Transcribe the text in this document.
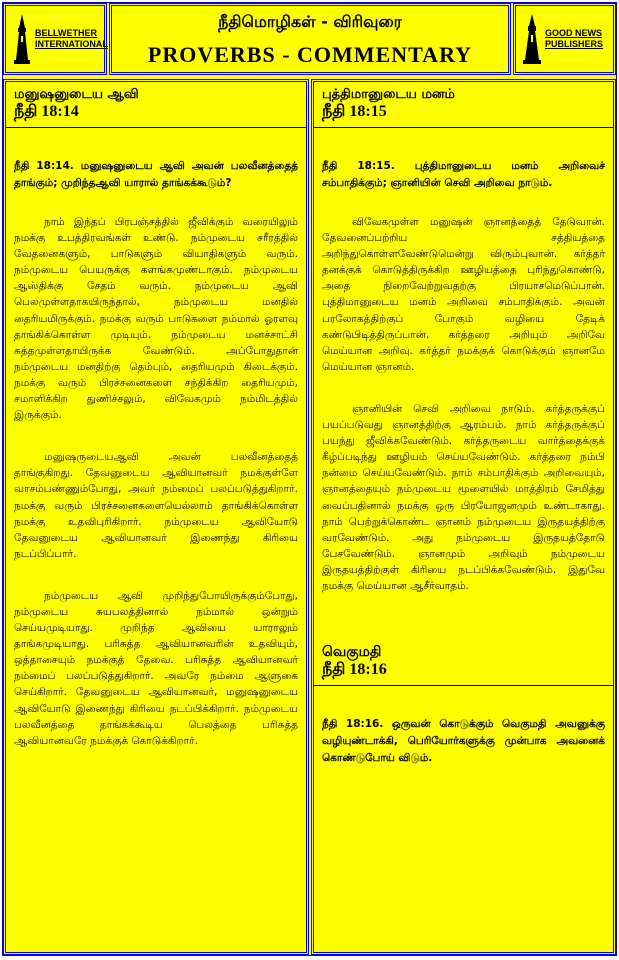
BELLWETHER
INTERNATIONAL
நீதிமொழிகள் - விரிவுரை
PROVERBS - COMMENTARY
GOOD NEWS
PUBLISHERS
மனுஷனுடைய ஆவி
நீதி 18:14
நீதி 18:14. மனுஷனுடைய ஆவி அவன் பலவீனத்தைத் தாங்கும்; முறிந்தஆவி யாரால் தாங்கக்கூடும்?

நாம் இந்தப் பிரபஞ்சத்தில் ஜீவிக்கும் வரையிலும் நமக்கு உபத்திரவங்கள் உண்டு. நம்முடைய சரீரத்தில் வேதனைகளும், பாடுகளும் வியாதிகளும் வரும். நம்முடைய பெயருக்கு களங்கமுண்டாகும். நம்முடைய ஆஸ்திக்கு சேதம் வரும். நம்முடைய ஆவி பெலமுள்ளதாகயிருந்தால், நம்முடைய மனதில் தைரியமிருக்கும். நமக்கு வரும் பாடுகளை நம்மால் ஓரளவு தாங்கிக்கொள்ள முடியும். நம்முடைய மனச்சாட்சி சுத்தமுள்ளதாயிருக்க வேண்டும். அப்போதுதான் நம்முடைய மனதிற்கு தெம்பும், தைரியமும் கிடைக்கும். நமக்கு வரும் பிரச்சனைகளை சந்திக்கிற தைரியமும், சமாளிக்கிற துணிச்சலும், விவேகமும் நம்மிடத்தில் இருக்கும்.

மனுஷருடையஆவி அவன் பலவீனத்தைத் தாங்குகிறது. தேவனுடைய ஆவியானவர் நமக்குள்ளே வாசம்பண்ணும்போது, அவர் நம்மைப் பலப்படுத்துகிறார். நமக்கு வரும் பிரச்சனைகளையெல்லாம் தாங்கிக்கொள்ள நமக்கு உதவிபுரிகிறார். நம்முடைய ஆவியோடு தேவனுடைய ஆவியானவர் இணைந்து கிரியை நடப்பிப்பார்.

நம்முடைய ஆவி முறிந்துபோயிருக்கும்போது, நம்முடைய சுயபலத்தினால் நம்மால் ஒன்றும் செய்யமுடியாது. முறிந்த ஆவியை யாராலும் தாங்கமுடியாது. பரிசுத்த ஆவியானவரின் உதவியும், ஒத்தாசையும் நமக்குத் தேவை. பரிசுத்த ஆவியானவர் நம்மைப் பலப்படுத்துகிறார். அவரே நம்மை ஆளுகை செய்கிறார். தேவனுடைய ஆவியானவர், மனுஷனுடைய ஆவியோடு இணைந்து கிரியை நடப்பிக்கிறார். நம்முடைய பலவீனத்தை தாங்கக்கூடிய பெலத்தை பரிசுத்த ஆவியானவரே நமக்குக் கொடுக்கிறார்.

புத்திமானுடைய மனம்
நீதி 18:15
நீதி 18:15. புத்திமானுடைய மனம் அறிவைச் சம்பாதிக்கும்; ஞானியின் செவி அறிவை நாடும்.

விவேகமுள்ள மனுஷன் ஞானத்தைத் தேடுவான். தேவனைப்பற்றிய சத்தியத்தை அறிந்துகொள்ளவேண்டுமென்று விரும்புவான். கர்த்தர் தனக்குக் கொடுத்திருக்கிற ஊழியத்தை புரிந்துகொண்டு, அதை நிறைவேற்றுவதற்கு பிரயாசமெடுப்பான். புத்திமானுடைய மனம் அறிவை சம்பாதிக்கும். அவன் பரலோகத்திற்குப் போகும் வழியை தேடிக் கண்டுபிடித்திருப்பான். கர்த்தரை அறியும் அறிவே மெய்யான அறிவு. கர்த்தர் நமக்குக் கொடுக்கும் ஞானமே மெய்யான ஞானம்.

ஞானியின் செவி அறிவை நாடும். கர்த்தருக்குப் பயப்படுவது ஞானத்திற்கு ஆரம்பம். நாம் கர்த்தருக்குப் பயந்து ஜீவிக்கவேண்டும். கர்த்தருடைய வார்த்தைக்குக் கீழ்ப்படிந்து ஊழியம் செய்யவேண்டும். கர்த்தரை நம்பி நன்மை செய்யவேண்டும். நாம் சம்பாதிக்கும் அறிவையும், ஞானத்தையும் நம்முடைய மூளையில் மாத்திரம் சேமித்து வைப்பதினால் நமக்கு ஒரு பிரயோஜனமும் உண்டாகாது. நாம் பெற்றுக்கொண்ட ஞானம் நம்முடைய இருதயத்திற்கு வரவேண்டும். அது நம்முடைய இருதயத்தோடு பேசவேண்டும். ஞானமும் அறிவும் நம்முடைய இருதயத்திற்குள் கிரியை நடப்பிக்கவேண்டும். இதுவே நமக்கு மெய்யான ஆசீர்வாதம்.

வெகுமதி
நீதி 18:16
நீதி 18:16. ஒருவன் கொடுக்கும் வெகுமதி அவனுக்கு வழியுண்டாக்கி, பெரியோர்களுக்கு முன்பாக அவனைக் கொண்டுபோய் விடும்.
